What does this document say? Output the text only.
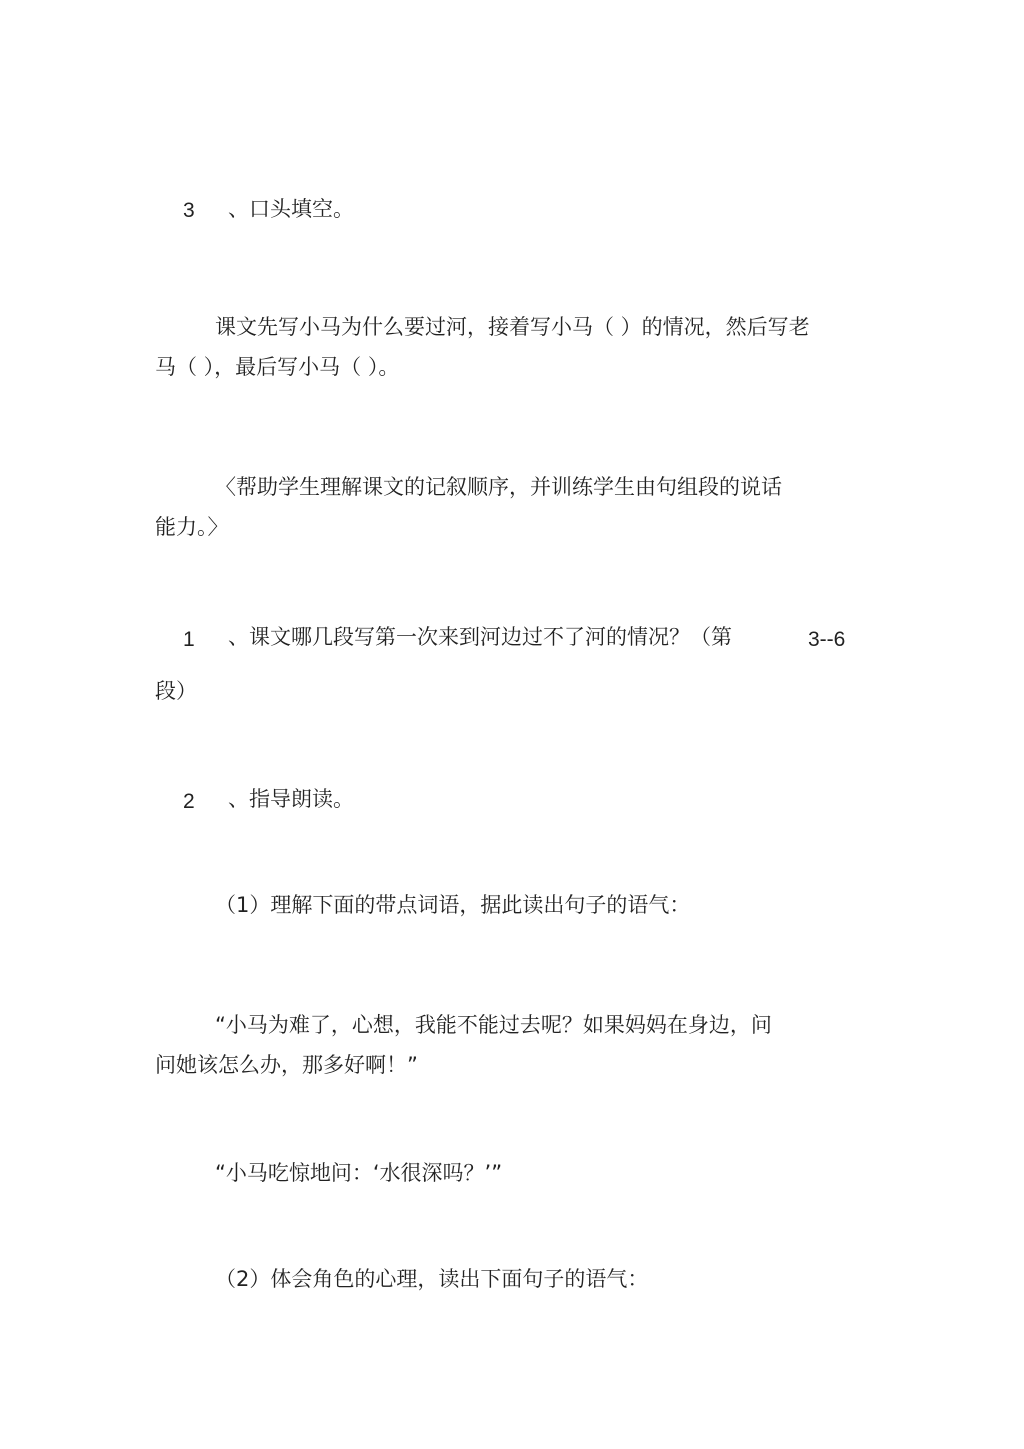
3 、口头填空。
课文先写小马为什么要过河，接着写小马（ ）的情况，然后写老
马（ ），最后写小马（ ）。
〈帮助学生理解课文的记叙顺序，并训练学生由句组段的说话
能力。〉
1 、课文哪几段写第一次来到河边过不了河的情况？（第	3--6
段）
2 、指导朗读。
（1）理解下面的带点词语，据此读出句子的语气：
“小马为难了，心想，我能不能过去呢？如果妈妈在身边，问
问她该怎么办，那多好啊！”
“小马吃惊地问：‘水很深吗？’”
（2）体会角色的心理，读出下面句子的语气：
